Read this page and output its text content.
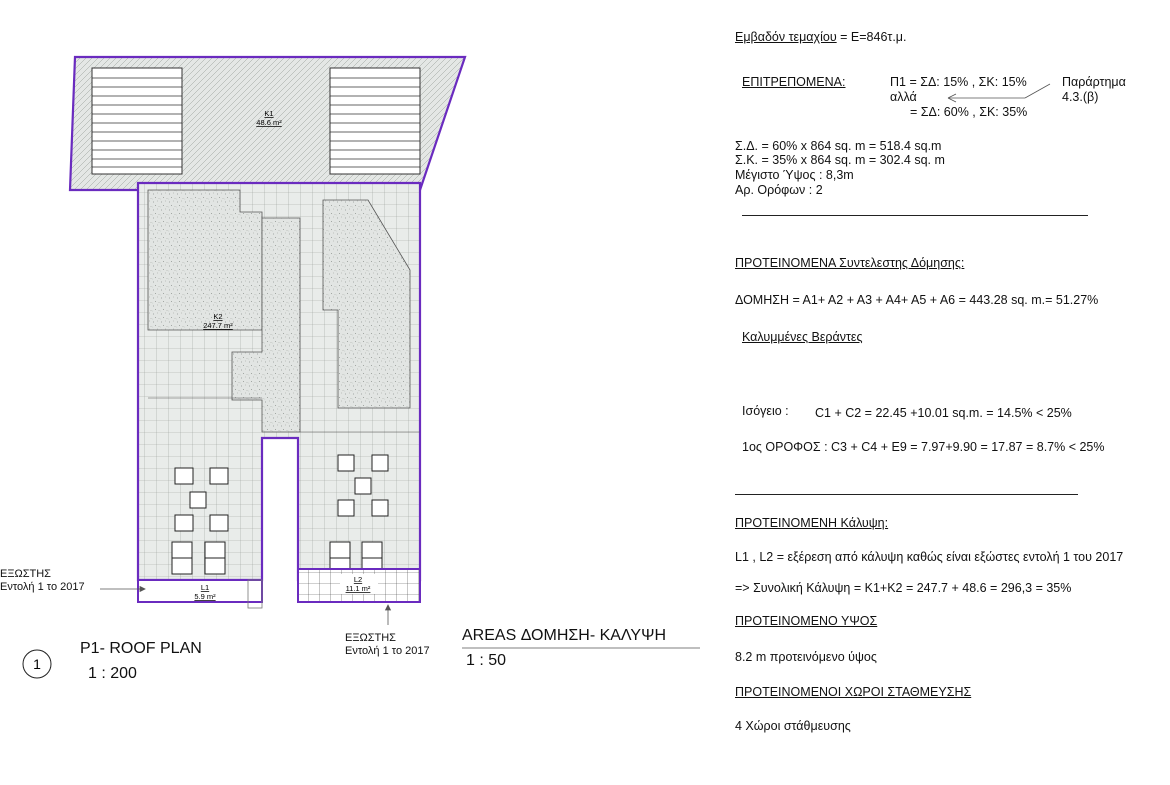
K1
48.6 m²
K2
247.7 m²
L1
5.9 m²
L2
11.1 m²
1
ΕΞΩΣΤΗΣ
Εντολή 1 το 2017
ΕΞΩΣΤΗΣ
Εντολή 1 το 2017
P1- ROOF PLAN
1 : 200
AREAS ΔΟΜΗΣΗ- ΚΑΛΥΨΗ
1 : 50
Εμβαδόν τεμαχίου = Ε=846τ.μ.
ΕΠΙΤΡΕΠΟΜΕΝΑ:	Π1 = ΣΔ: 15% , ΣΚ: 15%
αλλά
= ΣΔ: 60% , ΣΚ: 35%
Παράρτημα
4.3.(β)
Σ.Δ. = 60% x 864 sq. m = 518.4 sq.m
Σ.Κ. = 35% x 864 sq. m = 302.4 sq. m
Μέγιστο Ύψος : 8,3m
Αρ. Ορόφων : 2
ΠΡΟΤΕΙΝΟΜΕΝΑ Συντελεστης Δόμησης:
ΔΟΜΗΣΗ = Α1+ Α2 + Α3 + Α4+ Α5 + Α6 = 443.28 sq. m.= 51.27%
Καλυμμένες Βεράντες
Ισόγειο : C1 + C2 = 22.45 +10.01 sq.m. = 14.5% < 25%
1ος ΟΡΟΦΟΣ : C3 + C4 + E9 = 7.97+9.90 = 17.87 = 8.7% < 25%
ΠΡΟΤΕΙΝΟΜΕΝΗ Κάλυψη:
L1 , L2 = εξέρεση από κάλυψη καθώς είναι εξώστες εντολή 1 του 2017
=> Συνολική Κάλυψη = Κ1+Κ2 = 247.7 + 48.6 = 296,3 = 35%
ΠΡΟΤΕΙΝΟΜΕΝΟ ΥΨΟΣ
8.2 m προτεινόμενο ύψος
ΠΡΟΤΕΙΝΟΜΕΝΟΙ ΧΩΡΟΙ ΣΤΑΘΜΕΥΣΗΣ
4 Χώροι στάθμευσης
